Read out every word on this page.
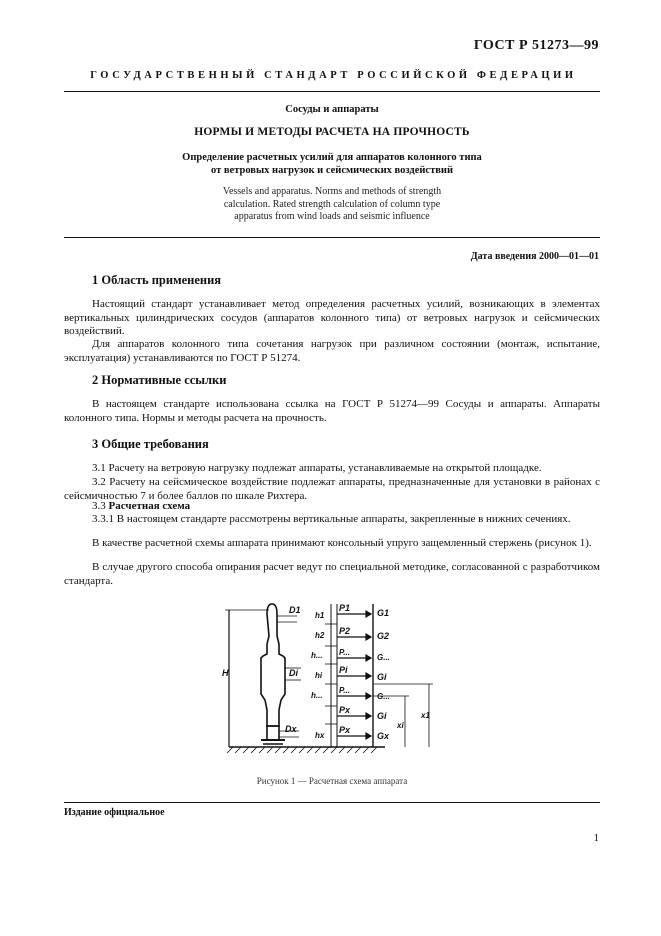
ГОСТ Р 51273—99
ГОСУДАРСТВЕННЫЙ СТАНДАРТ РОССИЙСКОЙ ФЕДЕРАЦИИ
Сосуды и аппараты
НОРМЫ И МЕТОДЫ РАСЧЕТА НА ПРОЧНОСТЬ
Определение расчетных усилий для аппаратов колонного типа
от ветровых нагрузок и сейсмических воздействий
Vessels and apparatus. Norms and methods of strength
calculation. Rated strength calculation of column type
apparatus from wind loads and seismic influence
Дата введения 2000—01—01
1 Область применения

Настоящий стандарт устанавливает метод определения расчетных усилий, возникающих в элементах вертикальных цилиндрических сосудов (аппаратов колонного типа) от ветровых нагрузок и сейсмических воздействий.

Для аппаратов колонного типа сочетания нагрузок при различном состоянии (монтаж, испытание, эксплуатация) устанавливаются по ГОСТ Р 51274.

2 Нормативные ссылки

В настоящем стандарте использована ссылка на ГОСТ Р 51274—99 Сосуды и аппараты. Аппараты колонного типа. Нормы и методы расчета на прочность.

3 Общие требования

3.1 Расчету на ветровую нагрузку подлежат аппараты, устанавливаемые на открытой площадке.

3.2 Расчету на сейсмическое воздействие подлежат аппараты, предназначенные для установки в районах с сейсмичностью 7 и более баллов по шкале Рихтера.

3.3 Расчетная схема

3.3.1 В настоящем стандарте рассмотрены вертикальные аппараты, закрепленные в нижних сечениях.

В качестве расчетной схемы аппарата принимают консольный упруго защемленный стержень (рисунок 1).

В случае другого способа опирания расчет ведут по специальной методике, согласованной с разработчиком стандарта.

D1
Di
Dx
H
h1
h2
h...
hi
h...
hx
P1
P2
P...
Pi
P...
Px
Px
G1
G2
G...
Gi
G...
Gi
Gx
xi
x1
Рисунок 1 — Расчетная схема аппарата
Издание официальное
1
